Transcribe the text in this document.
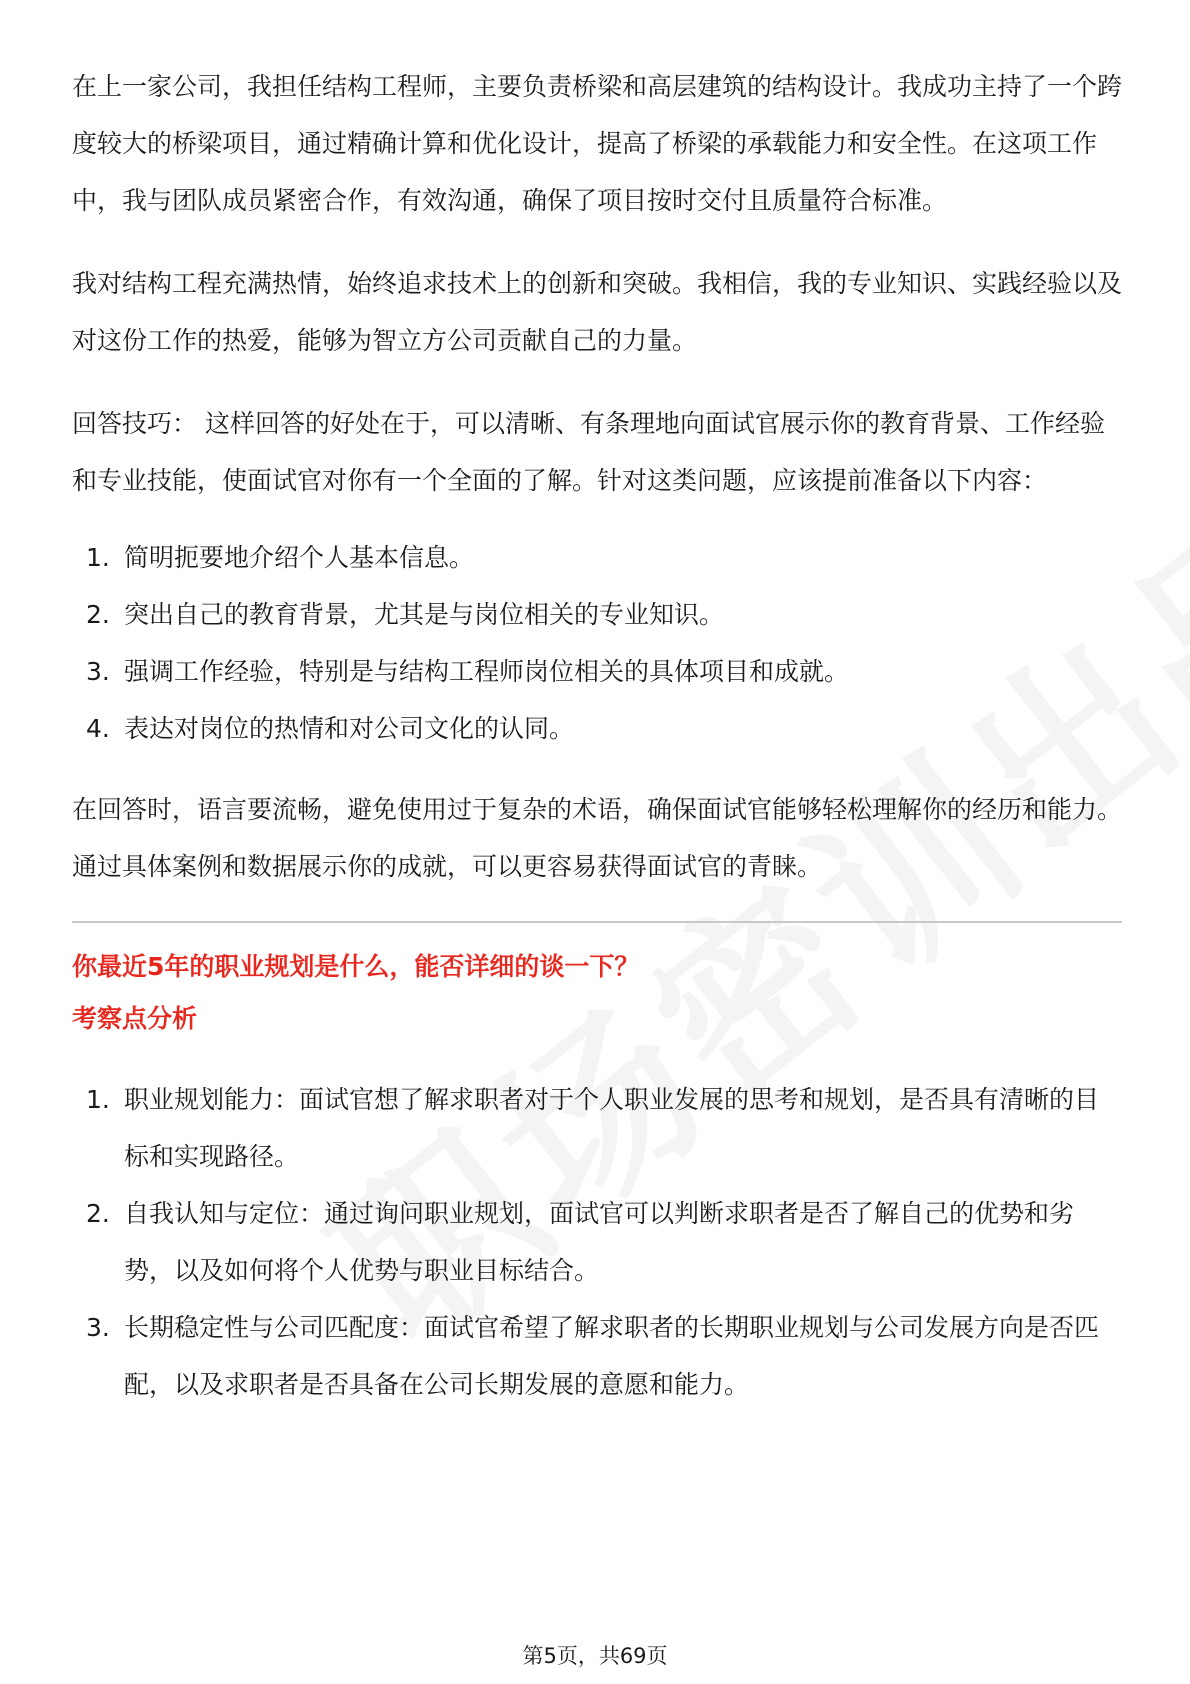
在上一家公司，我担任结构工程师，主要负责桥梁和高层建筑的结构设计。我成功主持了一个跨度较大的桥梁项目，通过精确计算和优化设计，提高了桥梁的承载能力和安全性。在这项工作中，我与团队成员紧密合作，有效沟通，确保了项目按时交付且质量符合标准。

我对结构工程充满热情，始终追求技术上的创新和突破。我相信，我的专业知识、实践经验以及对这份工作的热爱，能够为智立方公司贡献自己的力量。

回答技巧： 这样回答的好处在于，可以清晰、有条理地向面试官展示你的教育背景、工作经验和专业技能，使面试官对你有一个全面的了解。针对这类问题，应该提前准备以下内容：

1. 简明扼要地介绍个人基本信息。
2. 突出自己的教育背景，尤其是与岗位相关的专业知识。
3. 强调工作经验，特别是与结构工程师岗位相关的具体项目和成就。
4. 表达对岗位的热情和对公司文化的认同。

在回答时，语言要流畅，避免使用过于复杂的术语，确保面试官能够轻松理解你的经历和能力。通过具体案例和数据展示你的成就，可以更容易获得面试官的青睐。

你最近5年的职业规划是什么，能否详细的谈一下？

考察点分析

1. 职业规划能力：面试官想了解求职者对于个人职业发展的思考和规划，是否具有清晰的目标和实现路径。
2. 自我认知与定位：通过询问职业规划，面试官可以判断求职者是否了解自己的优势和劣势，以及如何将个人优势与职业目标结合。
3. 长期稳定性与公司匹配度：面试官希望了解求职者的长期职业规划与公司发展方向是否匹配，以及求职者是否具备在公司长期发展的意愿和能力。
第5页，共69页
